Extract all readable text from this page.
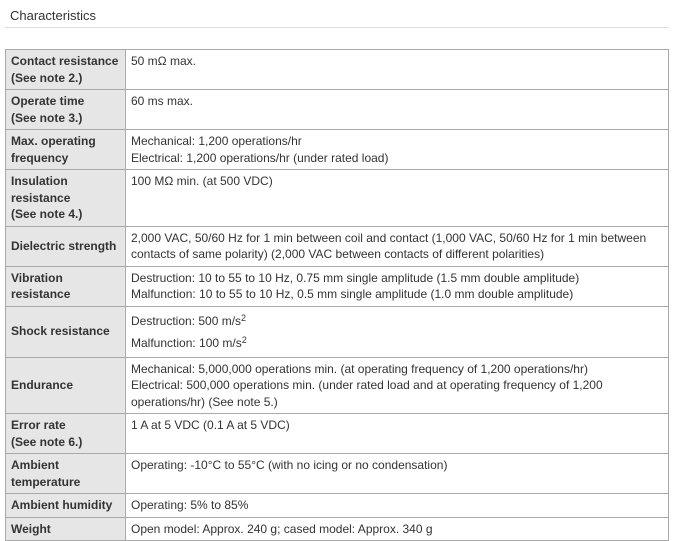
Characteristics
Contact resistance
(See note 2.)	50 mΩ max.

Operate time
(See note 3.)	60 ms max.
Max. operating
frequency	Mechanical: 1,200 operations/hr
Electrical: 1,200 operations/hr (under rated load)
Insulation
resistance
(See note 4.)	100 MΩ min. (at 500 VDC)
Dielectric strength	2,000 VAC, 50/60 Hz for 1 min between coil and contact (1,000 VAC, 50/60 Hz for 1 min between
contacts of same polarity) (2,000 VAC between contacts of different polarities)
Vibration
resistance	Destruction: 10 to 55 to 10 Hz, 0.75 mm single amplitude (1.5 mm double amplitude)
Malfunction: 10 to 55 to 10 Hz, 0.5 mm single amplitude (1.0 mm double amplitude)
Shock resistance	Destruction: 500 $m/s^2$
Malfunction: 100 $m/s^2$
Endurance	Mechanical: 5,000,000 operations min. (at operating frequency of 1,200 operations/hr)
Electrical: 500,000 operations min. (under rated load and at operating frequency of 1,200
operations/hr) (See note 5.)
Error rate
(See note 6.)	1 A at 5 VDC (0.1 A at 5 VDC)
Ambient
temperature	Operating: -10°C to 55°C (with no icing or no condensation)
Ambient humidity	Operating: 5% to 85%
Weight	Open model: Approx. 240 g; cased model: Approx. 340 g
